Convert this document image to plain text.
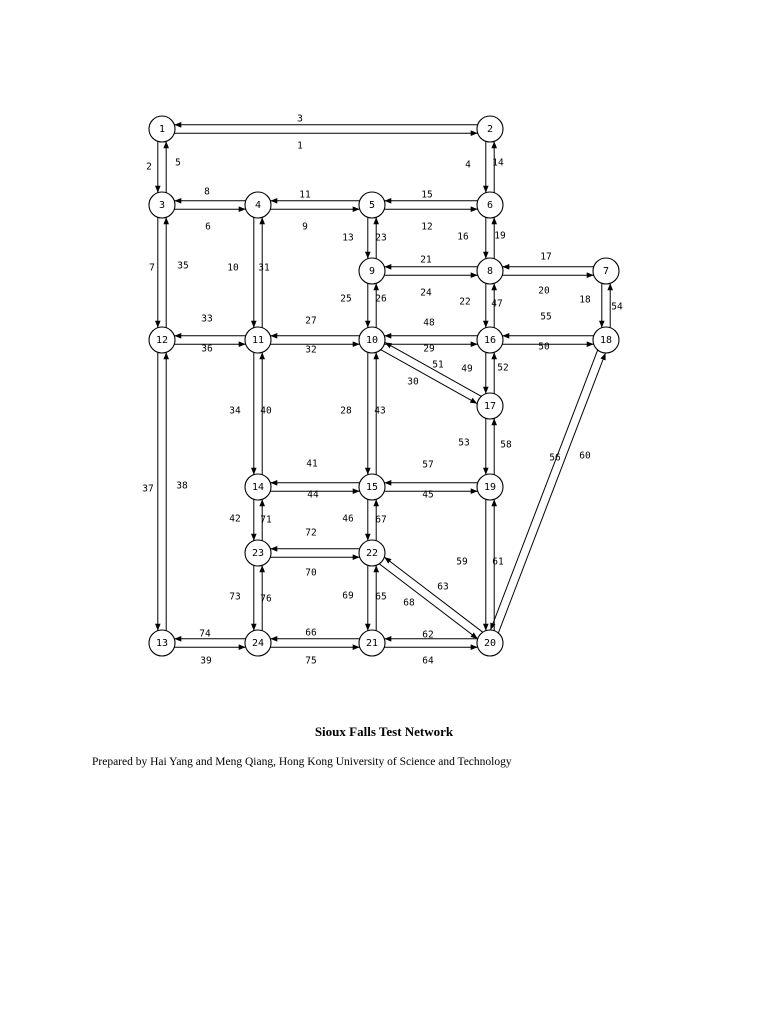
1
2
3
4
5
6
7
8
9
10
11
12
13
14
15
16
17
18
19
20
21
22
23
24
25 26
27
28
29
30
31
32
33
34
35
36
37 38
39
40
41
42
43
44	45
46
47
48
49
50
51	52
53
54
55
56
57
58
59
60
61
62
63
64
65
66
67
68
69
70
71
72
73
74
75
76
1	2
3	4	5	6
7
8
9
10
11
12
13
14	15
16
17
18
19
20
21
22
23
24
Sioux Falls Test Network
Prepared by Hai Yang and Meng Qiang, Hong Kong University of Science and Technology
